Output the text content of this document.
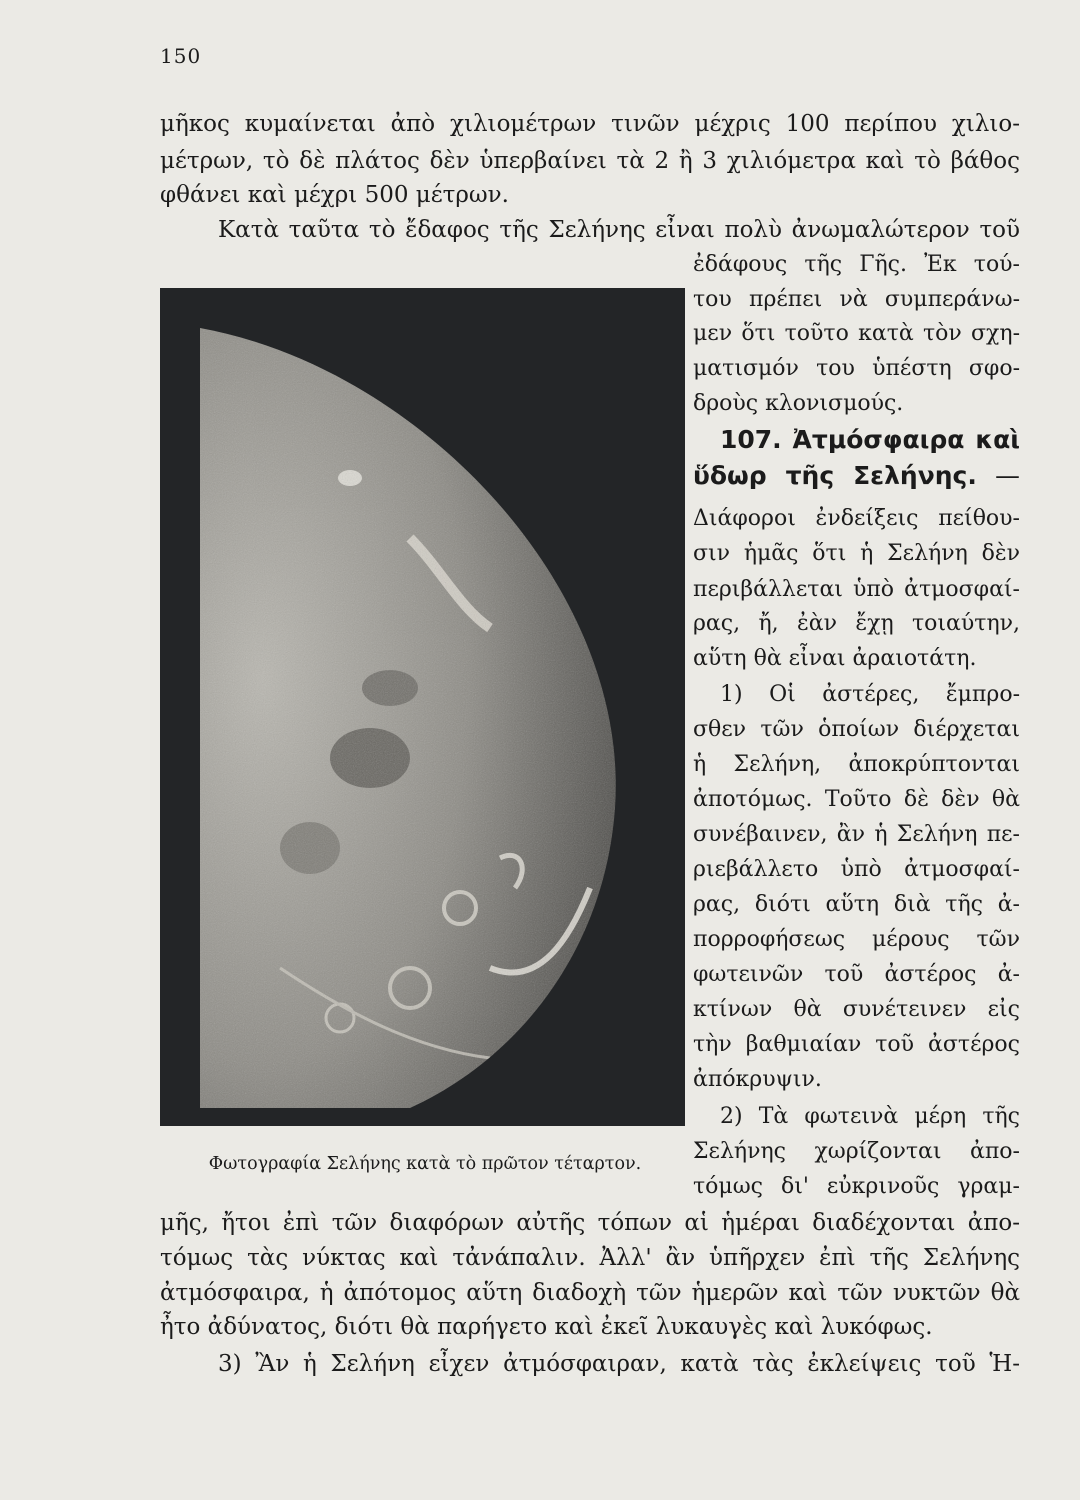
150
μῆκος κυμαίνεται ἀπὸ χιλιομέτρων τινῶν μέχρις 100 περίπου χιλιο-
μέτρων, τὸ δὲ πλάτος δὲν ὑπερβαίνει τὰ 2 ἢ 3 χιλιόμετρα καὶ τὸ βάθος
φθάνει καὶ μέχρι 500 μέτρων.
Κατὰ ταῦτα τὸ ἔδαφος τῆς Σελήνης εἶναι πολὺ ἀνωμαλώτερον τοῦ
ἐδάφους τῆς Γῆς. Ἐκ τού-
του πρέπει νὰ συμπεράνω-
μεν ὅτι τοῦτο κατὰ τὸν σχη-
ματισμόν του ὑπέστη σφο-
δροὺς κλονισμούς.
107. Ἀτμόσφαιρα καὶ
ὕδωρ τῆς Σελήνης. —
Διάφοροι ἐνδείξεις πείθου-
σιν ἡμᾶς ὅτι ἡ Σελήνη δὲν
περιβάλλεται ὑπὸ ἀτμοσφαί-
ρας, ἤ, ἐὰν ἔχῃ τοιαύτην,
αὕτη θὰ εἶναι ἀραιοτάτη.
1) Οἱ ἀστέρες, ἔμπρο-
σθεν τῶν ὁποίων διέρχεται
ἡ Σελήνη, ἀποκρύπτονται
ἀποτόμως. Τοῦτο δὲ δὲν θὰ
συνέβαινεν, ἂν ἡ Σελήνη πε-
ριεβάλλετο ὑπὸ ἀτμοσφαί-
ρας, διότι αὕτη διὰ τῆς ἀ-
πορροφήσεως μέρους τῶν
φωτεινῶν τοῦ ἀστέρος ἀ-
κτίνων θὰ συνέτεινεν εἰς
τὴν βαθμιαίαν τοῦ ἀστέρος
ἀπόκρυψιν.
2) Τὰ φωτεινὰ μέρη τῆς
Σελήνης χωρίζονται ἀπο-
τόμως δι' εὐκρινοῦς γραμ-
Φωτογραφία Σελήνης κατὰ τὸ πρῶτον τέταρτον.
μῆς, ἤτοι ἐπὶ τῶν διαφόρων αὐτῆς τόπων αἱ ἡμέραι διαδέχονται ἀπο-
τόμως τὰς νύκτας καὶ τἀνάπαλιν. Ἀλλ' ἂν ὑπῆρχεν ἐπὶ τῆς Σελήνης
ἀτμόσφαιρα, ἡ ἀπότομος αὕτη διαδοχὴ τῶν ἡμερῶν καὶ τῶν νυκτῶν θὰ
ἦτο ἀδύνατος, διότι θὰ παρήγετο καὶ ἐκεῖ λυκαυγὲς καὶ λυκόφως.
3) Ἂν ἡ Σελήνη εἶχεν ἀτμόσφαιραν, κατὰ τὰς ἐκλείψεις τοῦ Ἡ-
